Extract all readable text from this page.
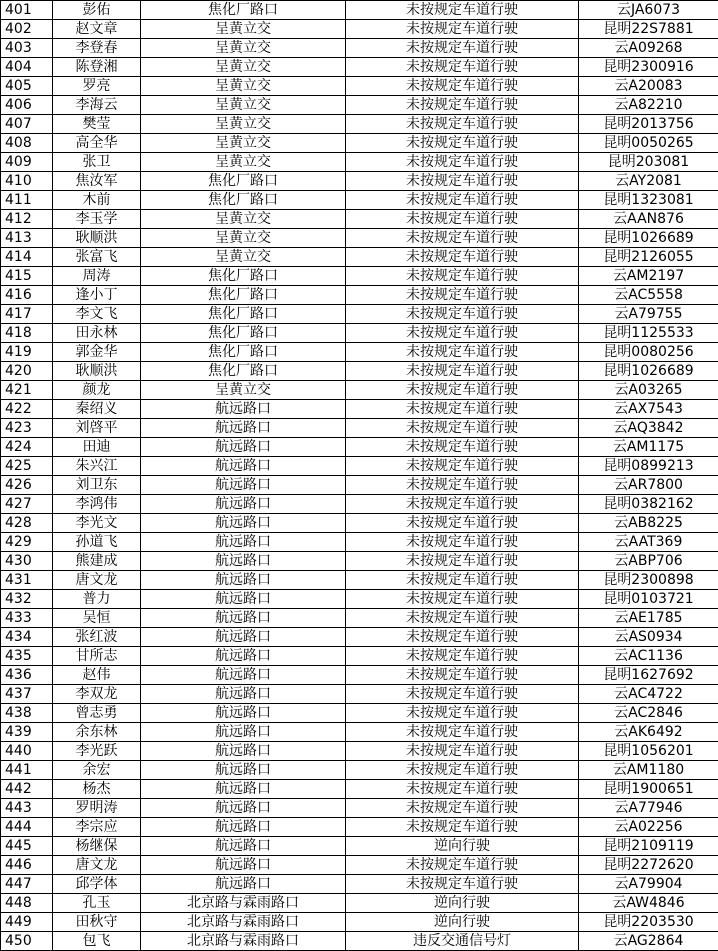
401	彭佑	焦化厂路口	未按规定车道行驶	云JA6073
402	赵文章	呈黄立交	未按规定车道行驶	昆明22S7881
403	李登春	呈黄立交	未按规定车道行驶	云A09268
404	陈登湘	呈黄立交	未按规定车道行驶	昆明2300916
405	罗亮	呈黄立交	未按规定车道行驶	云A20083
406	李海云	呈黄立交	未按规定车道行驶	云A82210
407	樊莹	呈黄立交	未按规定车道行驶	昆明2013756
408	高全华	呈黄立交	未按规定车道行驶	昆明0050265
409	张卫	呈黄立交	未按规定车道行驶	昆明203081
410	焦汝军	焦化厂路口	未按规定车道行驶	云AY2081
411	木前	焦化厂路口	未按规定车道行驶	昆明1323081
412	李玉学	呈黄立交	未按规定车道行驶	云AAN876
413	耿顺洪	呈黄立交	未按规定车道行驶	昆明1026689
414	张富飞	呈黄立交	未按规定车道行驶	昆明2126055
415	周涛	焦化厂路口	未按规定车道行驶	云AM2197
416	逢小丁	焦化厂路口	未按规定车道行驶	云AC5558
417	李文飞	焦化厂路口	未按规定车道行驶	云A79755
418	田永林	焦化厂路口	未按规定车道行驶	昆明1125533
419	郭金华	焦化厂路口	未按规定车道行驶	昆明0080256
420	耿顺洪	焦化厂路口	未按规定车道行驶	昆明1026689
421	颜龙	呈黄立交	未按规定车道行驶	云A03265
422	秦绍义	航远路口	未按规定车道行驶	云AX7543
423	刘啓平	航远路口	未按规定车道行驶	云AQ3842
424	田迪	航远路口	未按规定车道行驶	云AM1175
425	朱兴江	航远路口	未按规定车道行驶	昆明0899213
426	刘卫东	航远路口	未按规定车道行驶	云AR7800
427	李鸿伟	航远路口	未按规定车道行驶	昆明0382162
428	李光文	航远路口	未按规定车道行驶	云AB8225
429	孙道飞	航远路口	未按规定车道行驶	云AAT369
430	熊建成	航远路口	未按规定车道行驶	云ABP706
431	唐文龙	航远路口	未按规定车道行驶	昆明2300898
432	普力	航远路口	未按规定车道行驶	昆明0103721
433	吴恒	航远路口	未按规定车道行驶	云AE1785
434	张红波	航远路口	未按规定车道行驶	云AS0934
435	甘所志	航远路口	未按规定车道行驶	云AC1136
436	赵伟	航远路口	未按规定车道行驶	昆明1627692
437	李双龙	航远路口	未按规定车道行驶	云AC4722
438	曾志勇	航远路口	未按规定车道行驶	云AC2846
439	余东林	航远路口	未按规定车道行驶	云AK6492
440	李光跃	航远路口	未按规定车道行驶	昆明1056201
441	余宏	航远路口	未按规定车道行驶	云AM1180
442	杨杰	航远路口	未按规定车道行驶	昆明1900651
443	罗明涛	航远路口	未按规定车道行驶	云A77946
444	李宗应	航远路口	未按规定车道行驶	云A02256
445	杨继保	航远路口	逆向行驶	昆明2109119
446	唐文龙	航远路口	未按规定车道行驶	昆明2272620
447	邱学体	航远路口	未按规定车道行驶	云A79904
448	孔玉	北京路与霖雨路口	逆向行驶	云AW4846
449	田秋守	北京路与霖雨路口	逆向行驶	昆明2203530
450	包飞	北京路与霖雨路口	违反交通信号灯	云AG2864
